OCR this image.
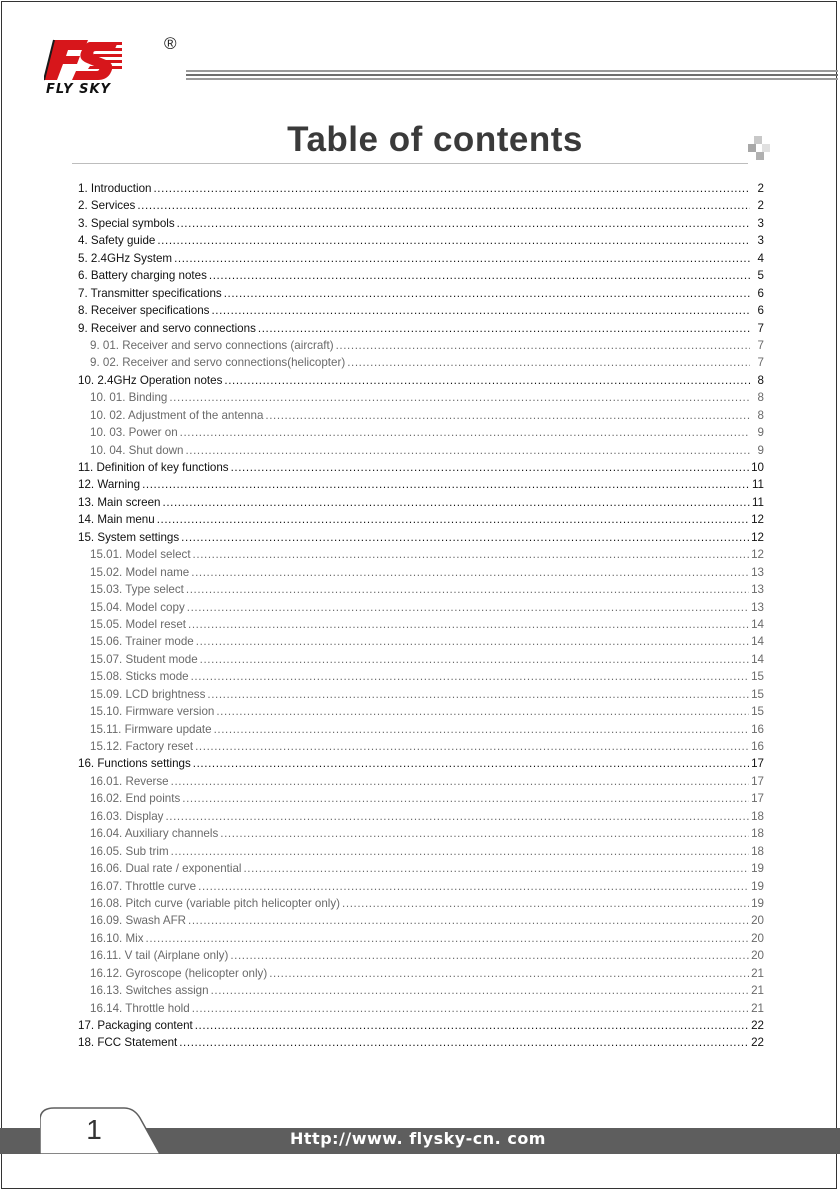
FLY SKY
®
Table of contents
1. Introduction .....	2
2. Services .....	2
3. Special symbols .....	3
4. Safety guide .....	3
5. 2.4GHz System .....	4
6. Battery charging notes .....	5
7. Transmitter specifications .....	6
8. Receiver specifications .....	6
9. Receiver and servo connections .....	7
9. 01. Receiver and servo connections (aircraft) .....	7
9. 02. Receiver and servo connections(helicopter) .....	7
10. 2.4GHz Operation notes .....	8
10. 01. Binding .....	8
10. 02. Adjustment of the antenna .....	8
10. 03. Power on .....	9
10. 04. Shut down .....	9
11. Definition of key functions .....	10
12. Warning .....	11
13. Main screen .....	11
14. Main menu .....	12
15. System settings .....	12
15.01. Model select .....	12
15.02. Model name .....	13
15.03. Type select .....	13
15.04. Model copy .....	13
15.05. Model reset .....	14
15.06. Trainer mode .....	14
15.07. Student mode .....	14
15.08. Sticks mode .....	15
15.09. LCD brightness .....	15
15.10. Firmware version .....	15
15.11. Firmware update .....	16
15.12. Factory reset .....	16
16. Functions settings .....	17
16.01. Reverse .....	17
16.02. End points .....	17
16.03. Display .....	18
16.04. Auxiliary channels .....	18
16.05. Sub trim .....	18
16.06. Dual rate / exponential .....	19
16.07. Throttle curve .....	19
16.08. Pitch curve (variable pitch helicopter only) .....	19
16.09. Swash AFR .....	20
16.10. Mix .....	20
16.11. V tail (Airplane only) .....	20
16.12. Gyroscope (helicopter only) .....	21
16.13. Switches assign .....	21
16.14. Throttle hold .....	21
17. Packaging content .....	22
18. FCC Statement .....	22
1	Http://www. flysky-cn. com
